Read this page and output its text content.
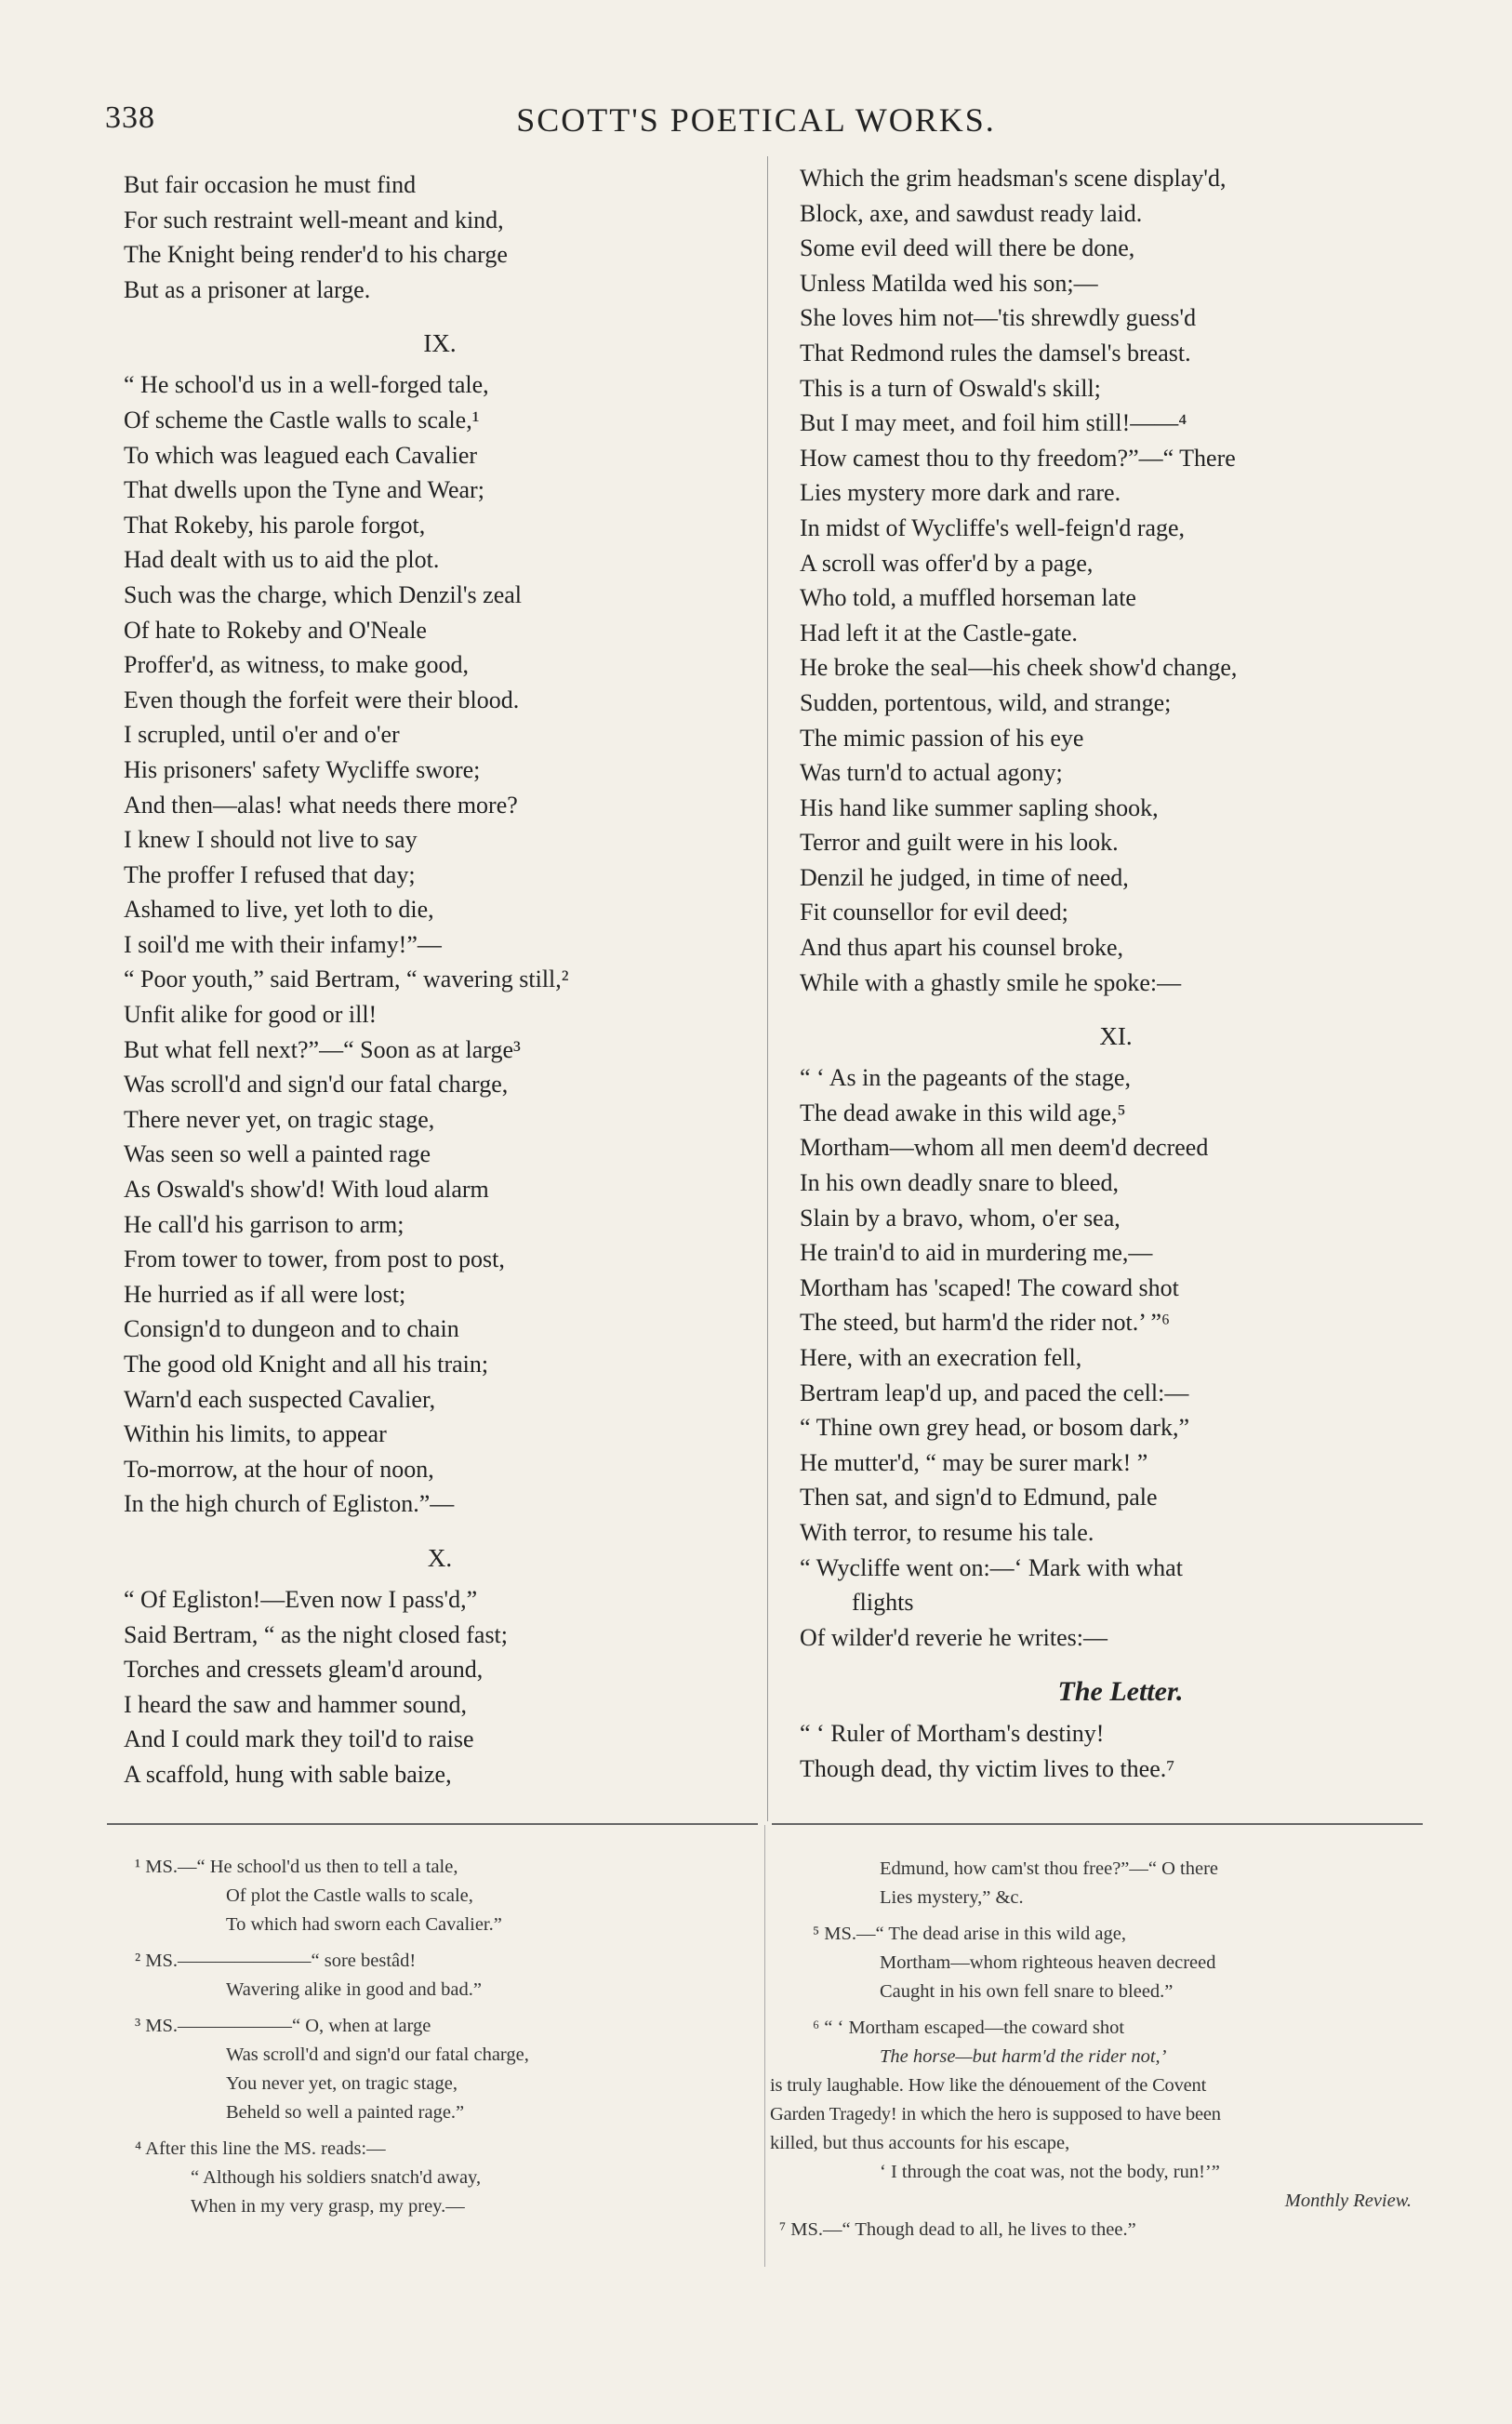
338	SCOTT'S POETICAL WORKS.
But fair occasion he must find
For such restraint well-meant and kind,
The Knight being render'd to his charge
But as a prisoner at large.
IX.
“ He school'd us in a well-forged tale,
Of scheme the Castle walls to scale,¹
To which was leagued each Cavalier
That dwells upon the Tyne and Wear;
That Rokeby, his parole forgot,
Had dealt with us to aid the plot.
Such was the charge, which Denzil's zeal
Of hate to Rokeby and O'Neale
Proffer'd, as witness, to make good,
Even though the forfeit were their blood.
I scrupled, until o'er and o'er
His prisoners' safety Wycliffe swore;
And then—alas! what needs there more?
I knew I should not live to say
The proffer I refused that day;
Ashamed to live, yet loth to die,
I soil'd me with their infamy!”—
“ Poor youth,” said Bertram, “ wavering still,²
Unfit alike for good or ill!
But what fell next?”—“ Soon as at large³
Was scroll'd and sign'd our fatal charge,
There never yet, on tragic stage,
Was seen so well a painted rage
As Oswald's show'd! With loud alarm
He call'd his garrison to arm;
From tower to tower, from post to post,
He hurried as if all were lost;
Consign'd to dungeon and to chain
The good old Knight and all his train;
Warn'd each suspected Cavalier,
Within his limits, to appear
To-morrow, at the hour of noon,
In the high church of Egliston.”—
X.
“ Of Egliston!—Even now I pass'd,”
Said Bertram, “ as the night closed fast;
Torches and cressets gleam'd around,
I heard the saw and hammer sound,
And I could mark they toil'd to raise
A scaffold, hung with sable baize,
Which the grim headsman's scene display'd,
Block, axe, and sawdust ready laid.
Some evil deed will there be done,
Unless Matilda wed his son;—
She loves him not—'tis shrewdly guess'd
That Redmond rules the damsel's breast.
This is a turn of Oswald's skill;
But I may meet, and foil him still!——⁴
How camest thou to thy freedom?”—“ There
Lies mystery more dark and rare.
In midst of Wycliffe's well-feign'd rage,
A scroll was offer'd by a page,
Who told, a muffled horseman late
Had left it at the Castle-gate.
He broke the seal—his cheek show'd change,
Sudden, portentous, wild, and strange;
The mimic passion of his eye
Was turn'd to actual agony;
His hand like summer sapling shook,
Terror and guilt were in his look.
Denzil he judged, in time of need,
Fit counsellor for evil deed;
And thus apart his counsel broke,
While with a ghastly smile he spoke:—
XI.
“ ‘ As in the pageants of the stage,
The dead awake in this wild age,⁵
Mortham—whom all men deem'd decreed
In his own deadly snare to bleed,
Slain by a bravo, whom, o'er sea,
He train'd to aid in murdering me,—
Mortham has 'scaped! The coward shot
The steed, but harm'd the rider not.’ ”⁶
Here, with an execration fell,
Bertram leap'd up, and paced the cell:—
“ Thine own grey head, or bosom dark,”
He mutter'd, “ may be surer mark! ”
Then sat, and sign'd to Edmund, pale
With terror, to resume his tale.
“ Wycliffe went on:—‘ Mark with what
flights
Of wilder'd reverie he writes:—
The Letter.
“ ‘ Ruler of Mortham's destiny!
Though dead, thy victim lives to thee.⁷
¹ MS.—“ He school'd us then to tell a tale,
Of plot the Castle walls to scale,
To which had sworn each Cavalier.”
² MS.———————“ sore bestâd!
Wavering alike in good and bad.”
³ MS.——————“ O, when at large
Was scroll'd and sign'd our fatal charge,
You never yet, on tragic stage,
Beheld so well a painted rage.”
⁴ After this line the MS. reads:—
“ Although his soldiers snatch'd away,
When in my very grasp, my prey.—
Edmund, how cam'st thou free?”—“ O there
Lies mystery,” &c.
⁵ MS.—“ The dead arise in this wild age,
Mortham—whom righteous heaven decreed
Caught in his own fell snare to bleed.”
⁶ “ ‘ Mortham escaped—the coward shot
The horse—but harm'd the rider not,’
is truly laughable. How like the dénouement of the Covent
Garden Tragedy! in which the hero is supposed to have been
killed, but thus accounts for his escape,
‘ I through the coat was, not the body, run!’”
Monthly Review.
⁷ MS.—“ Though dead to all, he lives to thee.”
